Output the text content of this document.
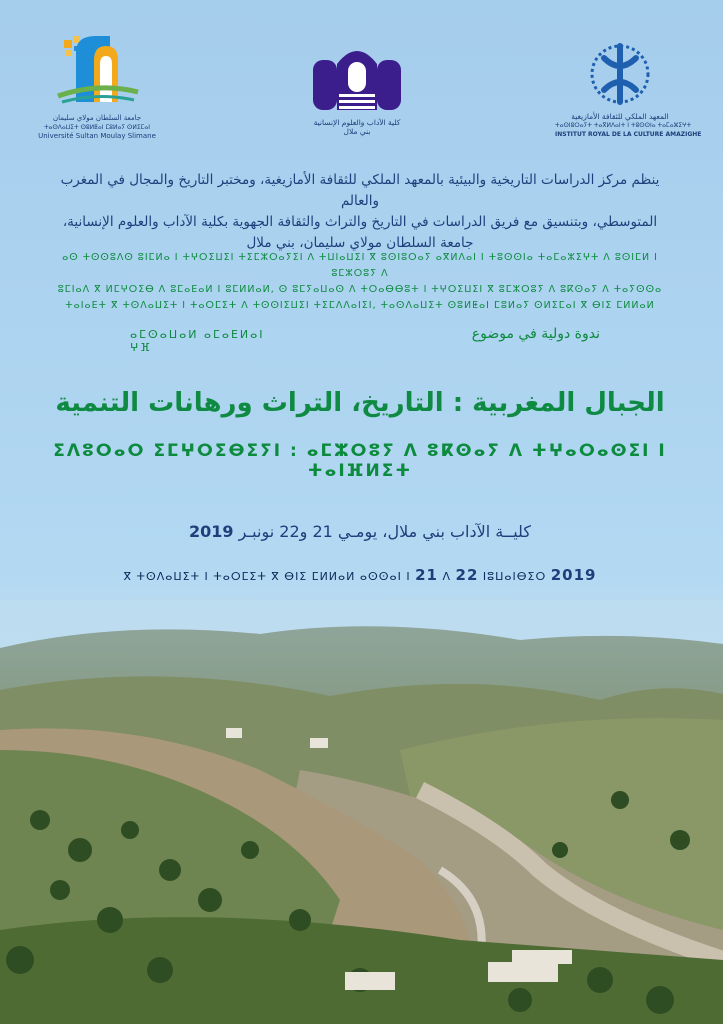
جامعة السلطان مولاي سليمان
ⵜⴰⵙⴷⴰⵡⵉⵜ ⵙⵓⵍⵟⴰⵏ ⵎⵓⵍⴰⵢ ⵙⵍⵉⵎⴰⵏ
Université Sultan Moulay Slimane
كلية الآداب والعلوم الإنسانية
بني ملال
المعهد الملكي للثقافة الأمازيغية
ⵜⴰⵙⵏⵓⵔⴰⵢⵜ ⵜⴰⴳⵍⴷⴰⵏⵜ ⵏ ⵜⵓⵙⵙⵏⴰ ⵜⴰⵎⴰⵣⵉⵖⵜ
INSTITUT ROYAL DE LA CULTURE AMAZIGHE
ينظم مركز الدراسات التاريخية والبيئية بالمعهد الملكي للثقافة الأمازيغية، ومختبر التاريخ والمجال في المغرب والعالم
المتوسطي، وبتنسيق مع فريق الدراسات في التاريخ والتراث والثقافة الجهوية بكلية الآداب والعلوم الإنسانية،
جامعة السلطان مولاي سليمان، بني ملال
ⴰⵙ ⵜⵙⵙⵓⴷⵙ ⵓⵏⵎⵍⴰ ⵏ ⵜⵖⵔⵉⵡⵉⵏ ⵜⵉⵎⵣⵔⴰⵢⵉⵏ ⴷ ⵜⵡⵏⴰⵡⵉⵏ ⴳ ⵓⵙⵏⵓⵔⴰⵢ ⴰⴳⵍⴷⴰⵏ ⵏ ⵜⵓⵙⵙⵏⴰ ⵜⴰⵎⴰⵣⵉⵖⵜ ⴷ ⵓⵙⵏⵎⵍ ⵏ ⵓⵎⵣⵔⵓⵢ ⴷ
ⵓⵎⵏⴰⴷ ⴳ ⵍⵎⵖⵔⵉⴱ ⴷ ⵓⵎⴰⴹⴰⵍ ⵏ ⵓⵎⵍⵍⴰⵍ, ⵙ ⵓⵎⵢⴰⵡⴰⵙ ⴷ ⵜⵔⴰⴱⴱⵓⵜ ⵏ ⵜⵖⵔⵉⵡⵉⵏ ⴳ ⵓⵎⵣⵔⵓⵢ ⴷ ⵓⴽⵙⴰⵢ ⴷ ⵜⴰⵢⵙⵙⴰ
ⵜⴰⵏⴰⴹⵜ ⴳ ⵜⵙⴷⴰⵡⵉⵜ ⵏ ⵜⴰⵔⵎⵉⵜ ⴷ ⵜⵙⵙⵏⵉⵡⵉⵏ ⵜⵉⵎⴷⴷⴰⵏⵉⵏ, ⵜⴰⵙⴷⴰⵡⵉⵜ ⵙⵓⵍⵟⴰⵏ ⵎⵓⵍⴰⵢ ⵙⵍⵉⵎⴰⵏ ⴳ ⴱⵏⵉ ⵎⵍⵍⴰⵍ
ندوة دولية في موضوع
ⴰⵎⵙⴰⵡⴰⵍ ⴰⵎⴰⴹⵍⴰⵏ ⵖⴼ
الجبال المغربية : التاريخ، التراث ورهانات التنمية
ⵉⴷⵓⵔⴰⵔ ⵉⵎⵖⵔⵉⴱⵉⵢⵏ : ⴰⵎⵣⵔⵓⵢ ⴷ ⵓⴽⵙⴰⵢ ⴷ ⵜⵖⴰⵔⴰⵙⵉⵏ ⵏ ⵜⴰⵏⴼⵍⵉⵜ
كليــة الآداب بني ملال، يومـي 21 و22 نونبـر 2019
ⴳ ⵜⵙⴷⴰⵡⵉⵜ ⵏ ⵜⴰⵔⵎⵉⵜ ⴳ ⴱⵏⵉ ⵎⵍⵍⴰⵍ ⴰⵙⵙⴰⵏ ⵏ 21 ⴷ 22 ⵏⵓⵡⴰⵏⴱⵉⵔ 2019
